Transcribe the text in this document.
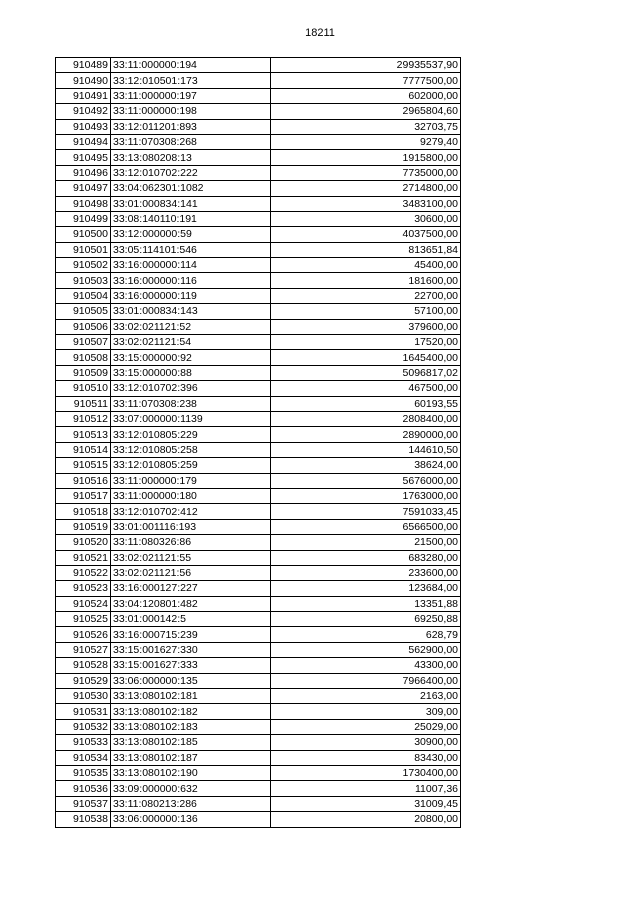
18211
910489	33:11:000000:194	29935537,90
910490	33:12:010501:173	7777500,00
910491	33:11:000000:197	602000,00
910492	33:11:000000:198	2965804,60
910493	33:12:011201:893	32703,75
910494	33:11:070308:268	9279,40
910495	33:13:080208:13	1915800,00
910496	33:12:010702:222	7735000,00
910497	33:04:062301:1082	2714800,00
910498	33:01:000834:141	3483100,00
910499	33:08:140110:191	30600,00
910500	33:12:000000:59	4037500,00
910501	33:05:114101:546	813651,84
910502	33:16:000000:114	45400,00
910503	33:16:000000:116	181600,00
910504	33:16:000000:119	22700,00
910505	33:01:000834:143	57100,00
910506	33:02:021121:52	379600,00
910507	33:02:021121:54	17520,00
910508	33:15:000000:92	1645400,00
910509	33:15:000000:88	5096817,02
910510	33:12:010702:396	467500,00
910511	33:11:070308:238	60193,55
910512	33:07:000000:1139	2808400,00
910513	33:12:010805:229	2890000,00
910514	33:12:010805:258	144610,50
910515	33:12:010805:259	38624,00
910516	33:11:000000:179	5676000,00
910517	33:11:000000:180	1763000,00
910518	33:12:010702:412	7591033,45
910519	33:01:001116:193	6566500,00
910520	33:11:080326:86	21500,00
910521	33:02:021121:55	683280,00
910522	33:02:021121:56	233600,00
910523	33:16:000127:227	123684,00
910524	33:04:120801:482	13351,88
910525	33:01:000142:5	69250,88
910526	33:16:000715:239	628,79
910527	33:15:001627:330	562900,00
910528	33:15:001627:333	43300,00
910529	33:06:000000:135	7966400,00
910530	33:13:080102:181	2163,00
910531	33:13:080102:182	309,00
910532	33:13:080102:183	25029,00
910533	33:13:080102:185	30900,00
910534	33:13:080102:187	83430,00
910535	33:13:080102:190	1730400,00
910536	33:09:000000:632	11007,36
910537	33:11:080213:286	31009,45
910538	33:06:000000:136	20800,00
